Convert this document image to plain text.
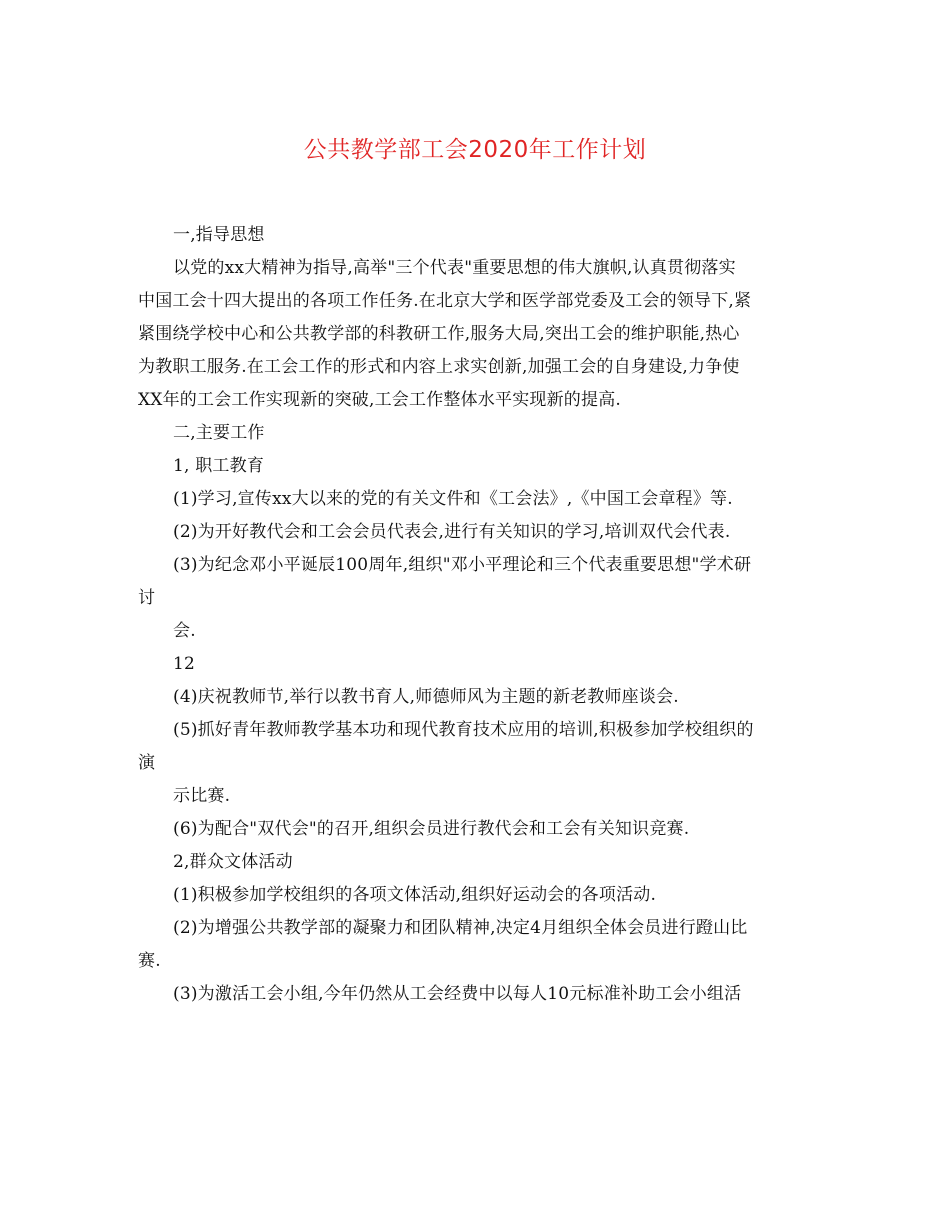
公共教学部工会2020年工作计划
一,指导思想
以党的xx大精神为指导,高举"三个代表"重要思想的伟大旗帜,认真贯彻落实
中国工会十四大提出的各项工作任务.在北京大学和医学部党委及工会的领导下,紧
紧围绕学校中心和公共教学部的科教研工作,服务大局,突出工会的维护职能,热心
为教职工服务.在工会工作的形式和内容上求实创新,加强工会的自身建设,力争使
XX年的工会工作实现新的突破,工会工作整体水平实现新的提高.
二,主要工作
1, 职工教育
(1)学习,宣传xx大以来的党的有关文件和《工会法》,《中国工会章程》等.
(2)为开好教代会和工会会员代表会,进行有关知识的学习,培训双代会代表.
(3)为纪念邓小平诞辰100周年,组织"邓小平理论和三个代表重要思想"学术研
讨
会.
12
(4)庆祝教师节,举行以教书育人,师德师风为主题的新老教师座谈会.
(5)抓好青年教师教学基本功和现代教育技术应用的培训,积极参加学校组织的
演
示比赛.
(6)为配合"双代会"的召开,组织会员进行教代会和工会有关知识竞赛.
2,群众文体活动
(1)积极参加学校组织的各项文体活动,组织好运动会的各项活动.
(2)为增强公共教学部的凝聚力和团队精神,决定4月组织全体会员进行蹬山比
赛.
(3)为激活工会小组,今年仍然从工会经费中以每人10元标准补助工会小组活
